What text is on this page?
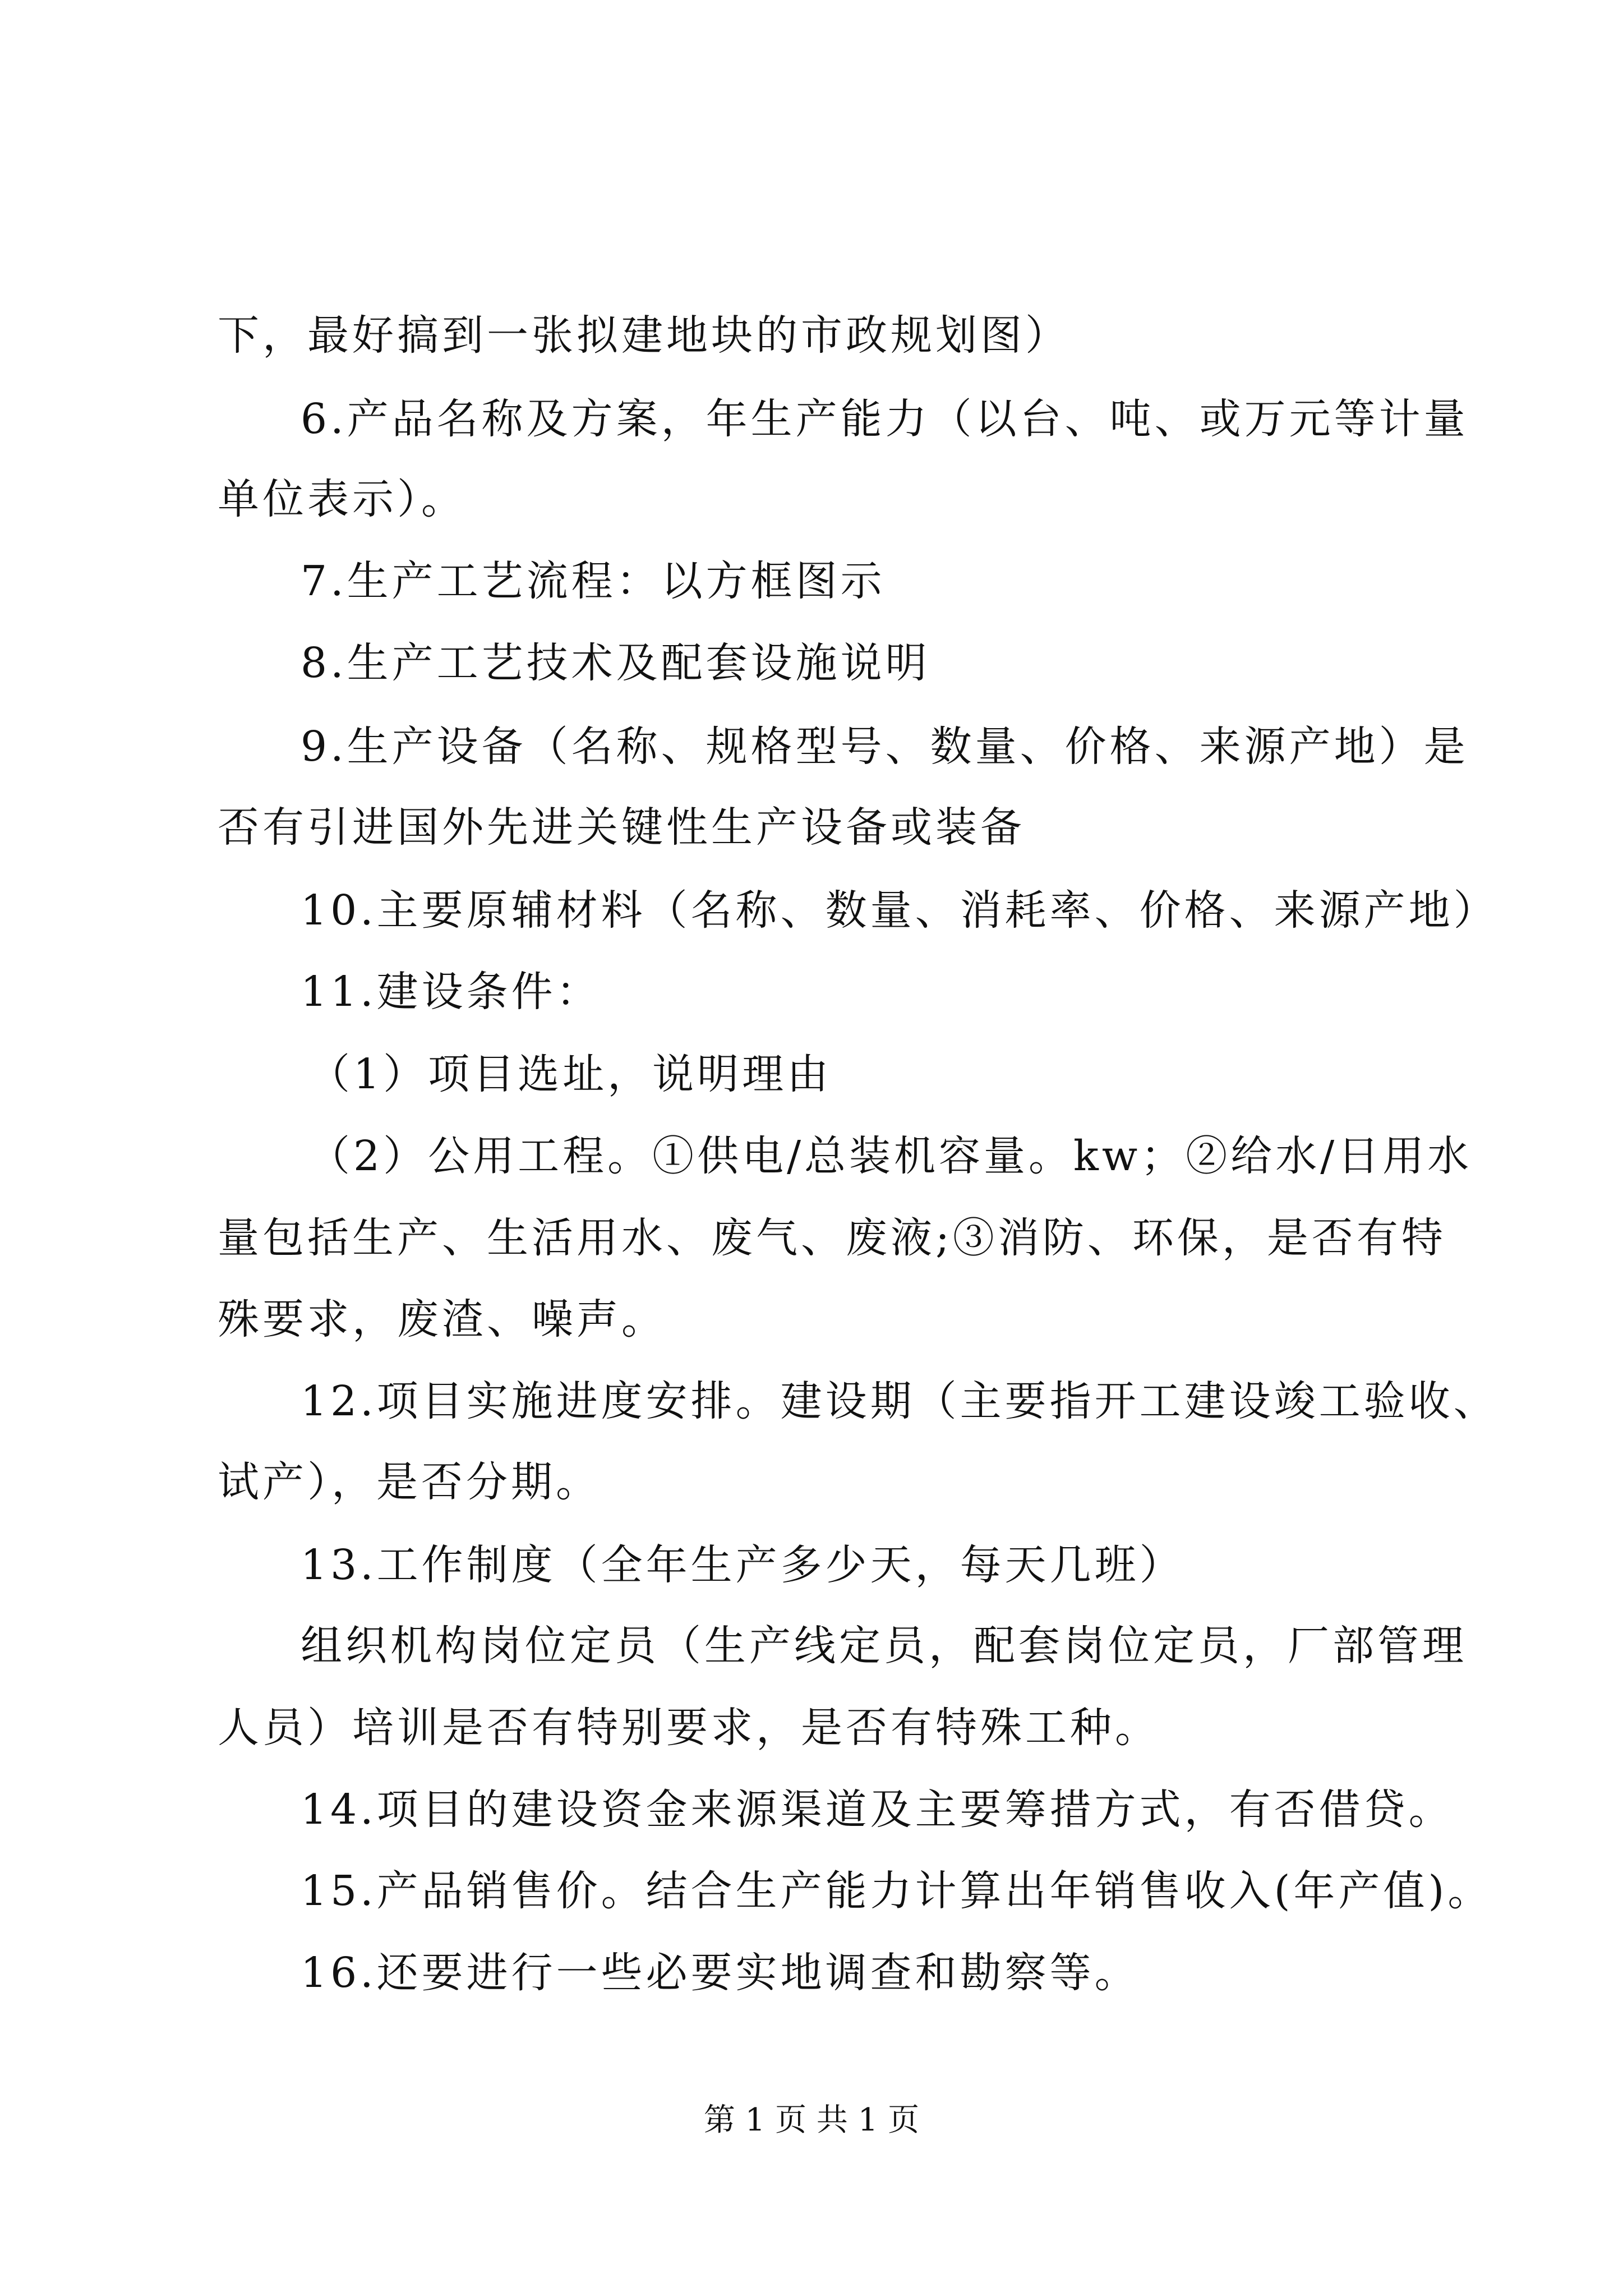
下，最好搞到一张拟建地块的市政规划图）
6.产品名称及方案，年生产能力（以台、吨、或万元等计量
单位表示）。
7.生产工艺流程：以方框图示
8.生产工艺技术及配套设施说明
9.生产设备（名称、规格型号、数量、价格、来源产地）是
否有引进国外先进关键性生产设备或装备
10.主要原辅材料（名称、数量、消耗率、价格、来源产地）
11.建设条件：
（1）项目选址，说明理由
（2）公用工程。①供电/总装机容量。kw；②给水/日用水
量包括生产、生活用水、废气、废液;③消防、环保，是否有特
殊要求，废渣、噪声。
12.项目实施进度安排。建设期（主要指开工建设竣工验收、
试产），是否分期。
13.工作制度（全年生产多少天，每天几班）
组织机构岗位定员（生产线定员，配套岗位定员，厂部管理
人员）培训是否有特别要求，是否有特殊工种。
14.项目的建设资金来源渠道及主要筹措方式，有否借贷。
15.产品销售价。结合生产能力计算出年销售收入(年产值)。
16.还要进行一些必要实地调查和勘察等。
第 1 页 共 1 页
